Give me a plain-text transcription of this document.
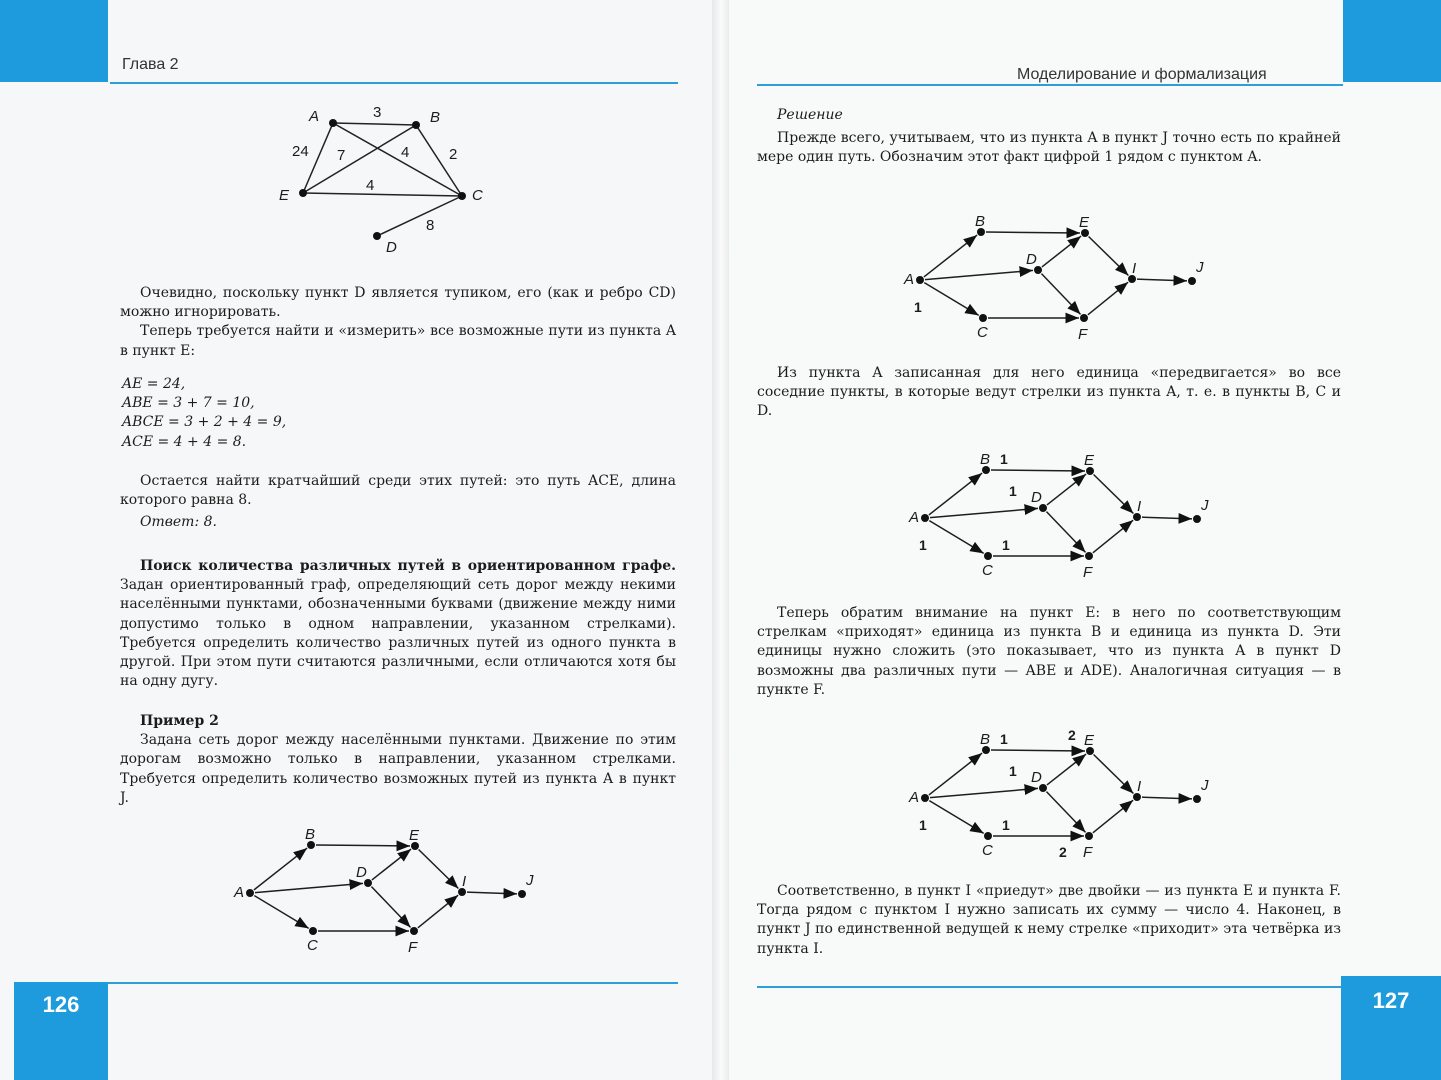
Глава 2
A	B
C
D
E
3
24 7	4	2
4
8

Очевидно, поскольку пункт D является тупиком, его (как и ребро CD) можно игнорировать.

Теперь требуется найти и «измерить» все возможные пути из пункта A в пункт E:

AE = 24,

ABE = 3 + 7 = 10,

ABCE = 3 + 2 + 4 = 9,

ACE = 4 + 4 = 8.

Остается найти кратчайший среди этих путей: это путь ACE, длина которого равна 8.

Ответ: 8.

Поиск количества различных путей в ориентированном графе. Задан ориентированный граф, определяющий сеть дорог между некими населёнными пунктами, обозначенными буквами (движение между ними допустимо только в одном направлении, указанном стрелками). Требуется определить количество различных путей из одного пункта в другой. При этом пути считаются различными, если отличаются хотя бы на одну дугу.

Пример 2

Задана сеть дорог между населёнными пунктами. Движение по этим дорогам возможно только в направлении, указанном стрелками. Требуется определить количество возможных путей из пункта A в пункт J.

A
B
C
D
E
F
I	J
126
Моделирование и формализация

Решение

Прежде всего, учитываем, что из пункта A в пункт J точно есть по крайней мере один путь. Обозначим этот факт цифрой 1 рядом с пунктом A.

Из пункта A записанная для него единица «передвигается» во все соседние пункты, в которые ведут стрелки из пункта A, т. е. в пункты B, C и D.

Теперь обратим внимание на пункт E: в него по соответствующим стрелкам «приходят» единица из пункта B и единица из пункта D. Эти единицы нужно сложить (это показывает, что из пункта A в пункт D возможны два различных пути — ABE и ADE). Аналогичная ситуация — в пункте F.

Соответственно, в пункт I «приедут» две двойки — из пункта E и пункта F. Тогда рядом с пунктом I нужно записать их сумму — число 4. Наконец, в пункт J по единственной ведущей к нему стрелке «приходит» эта четвёрка из пункта I.

127
A
B
C
D
E
F
I	J
1
A
B
C
D
E
F
I	J
1
1
1
1
A
B
C
D
E
F
I	J
1
1
1
1
2
2
